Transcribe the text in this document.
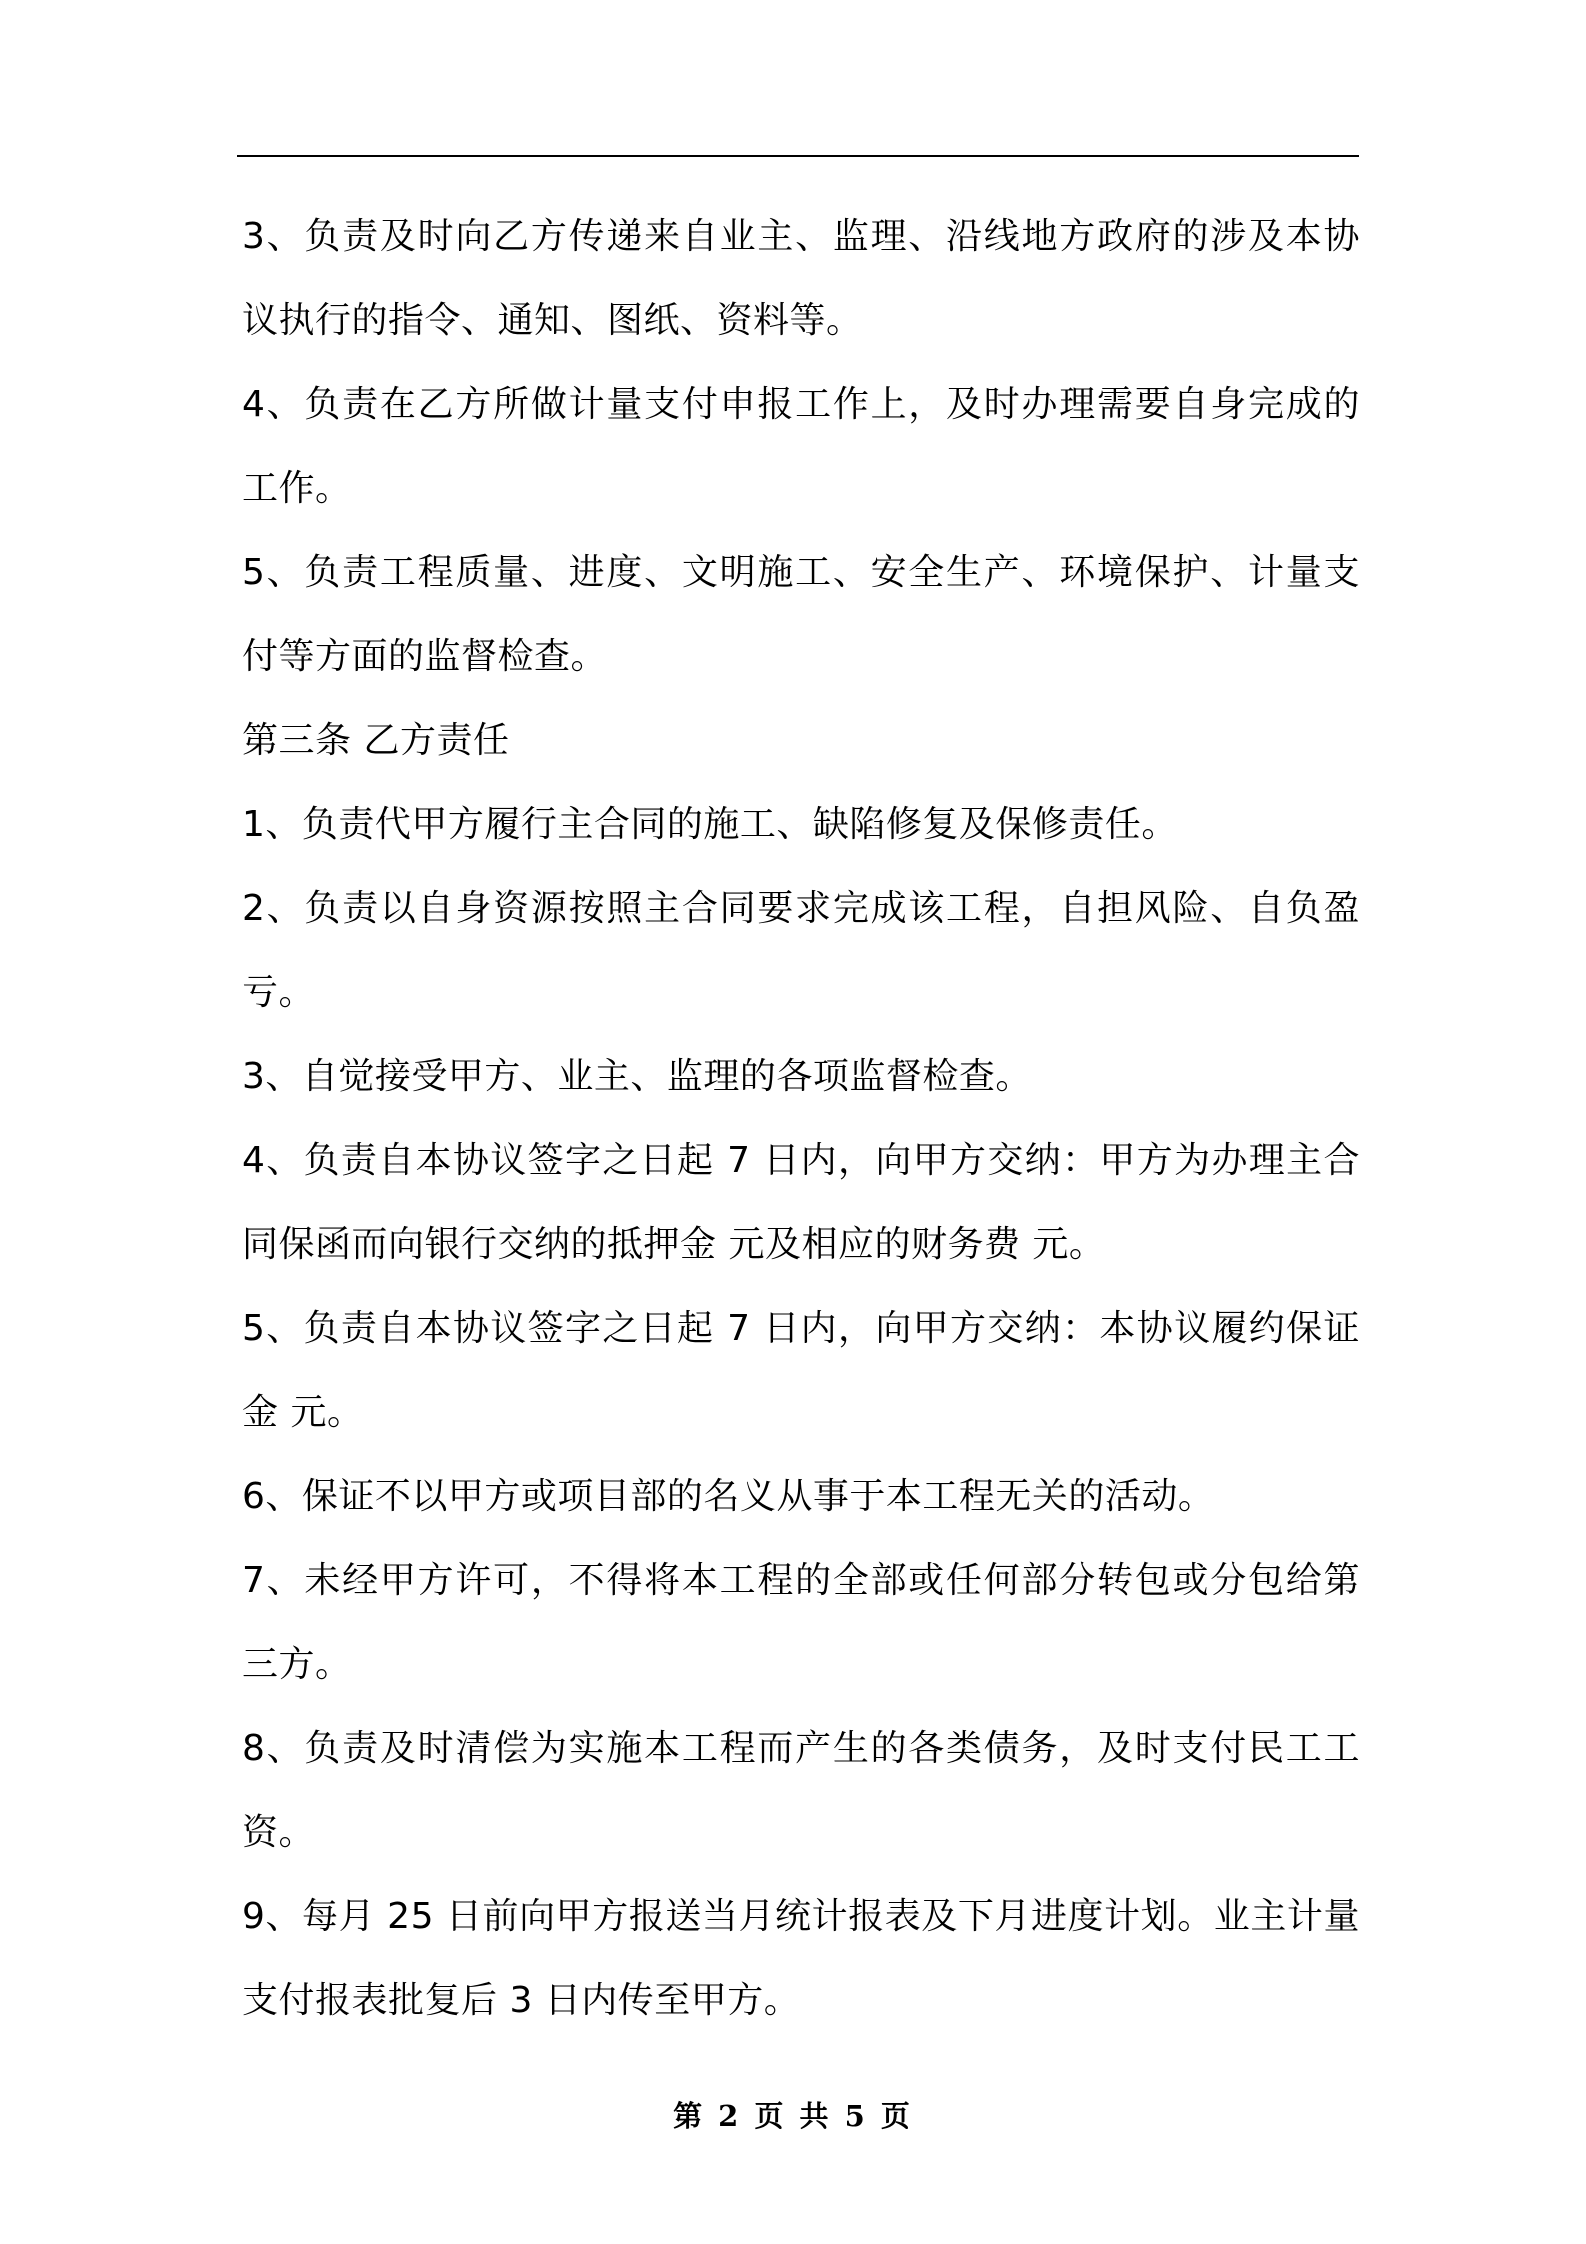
3、负责及时向乙方传递来自业主、监理、沿线地方政府的涉及本协议执行的指令、通知、图纸、资料等。

4、负责在乙方所做计量支付申报工作上，及时办理需要自身完成的工作。

5、负责工程质量、进度、文明施工、安全生产、环境保护、计量支付等方面的监督检查。

第三条 乙方责任

1、负责代甲方履行主合同的施工、缺陷修复及保修责任。

2、负责以自身资源按照主合同要求完成该工程，自担风险、自负盈亏。

3、自觉接受甲方、业主、监理的各项监督检查。

4、负责自本协议签字之日起 7 日内，向甲方交纳：甲方为办理主合同保函而向银行交纳的抵押金 元及相应的财务费 元。

5、负责自本协议签字之日起 7 日内，向甲方交纳：本协议履约保证金 元。

6、保证不以甲方或项目部的名义从事于本工程无关的活动。

7、未经甲方许可，不得将本工程的全部或任何部分转包或分包给第三方。

8、负责及时清偿为实施本工程而产生的各类债务，及时支付民工工资。

9、每月 25 日前向甲方报送当月统计报表及下月进度计划。业主计量支付报表批复后 3 日内传至甲方。

第 2 页 共 5 页
